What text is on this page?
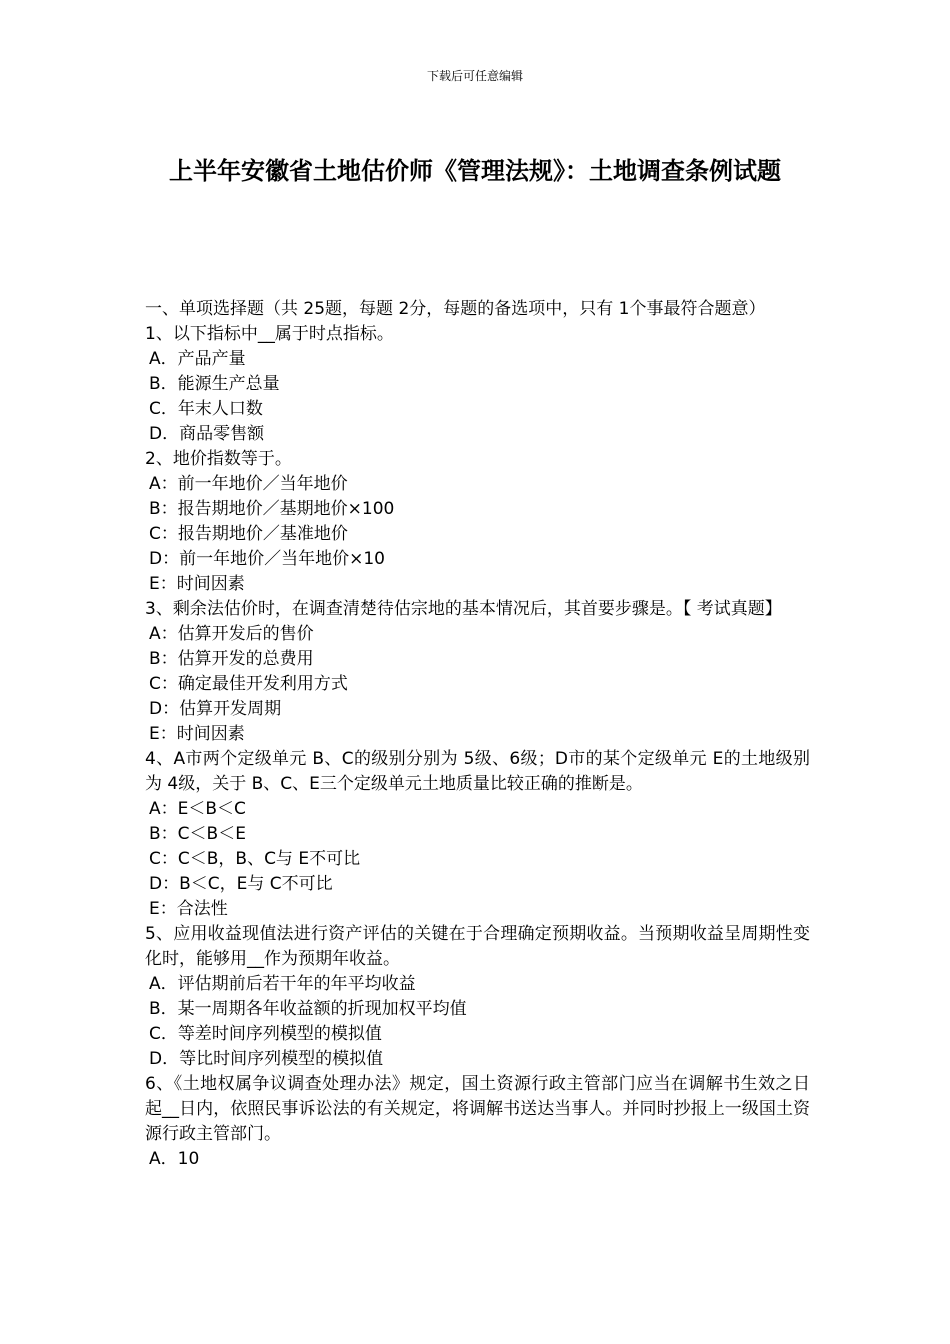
下载后可任意编辑
上半年安徽省土地估价师《管理法规》：土地调查条例试题
一、单项选择题（共 25题，每题 2分，每题的备选项中，只有 1个事最符合题意）
1、以下指标中__属于时点指标。
A．产品产量
B．能源生产总量
C．年末人口数
D．商品零售额
2、地价指数等于。
A：前一年地价／当年地价
B：报告期地价／基期地价×100
C：报告期地价／基准地价
D：前一年地价／当年地价×10
E：时间因素
3、剩余法估价时，在调查清楚待估宗地的基本情况后，其首要步骤是。【 考试真题】
A：估算开发后的售价
B：估算开发的总费用
C：确定最佳开发利用方式
D：估算开发周期
E：时间因素
4、A市两个定级单元 B、C的级别分别为 5级、6级；D市的某个定级单元 E的土地级别为 4级，关于 B、C、E三个定级单元土地质量比较正确的推断是。
A：E＜B＜C
B：C＜B＜E
C：C＜B，B、C与 E不可比
D：B＜C，E与 C不可比
E：合法性
5、应用收益现值法进行资产评估的关键在于合理确定预期收益。当预期收益呈周期性变化时，能够用__作为预期年收益。
A．评估期前后若干年的年平均收益
B．某一周期各年收益额的折现加权平均值
C．等差时间序列模型的模拟值
D．等比时间序列模型的模拟值
6、《土地权属争议调查处理办法》规定，国土资源行政主管部门应当在调解书生效之日起__日内，依照民事诉讼法的有关规定，将调解书送达当事人。并同时抄报上一级国土资源行政主管部门。
A．10
